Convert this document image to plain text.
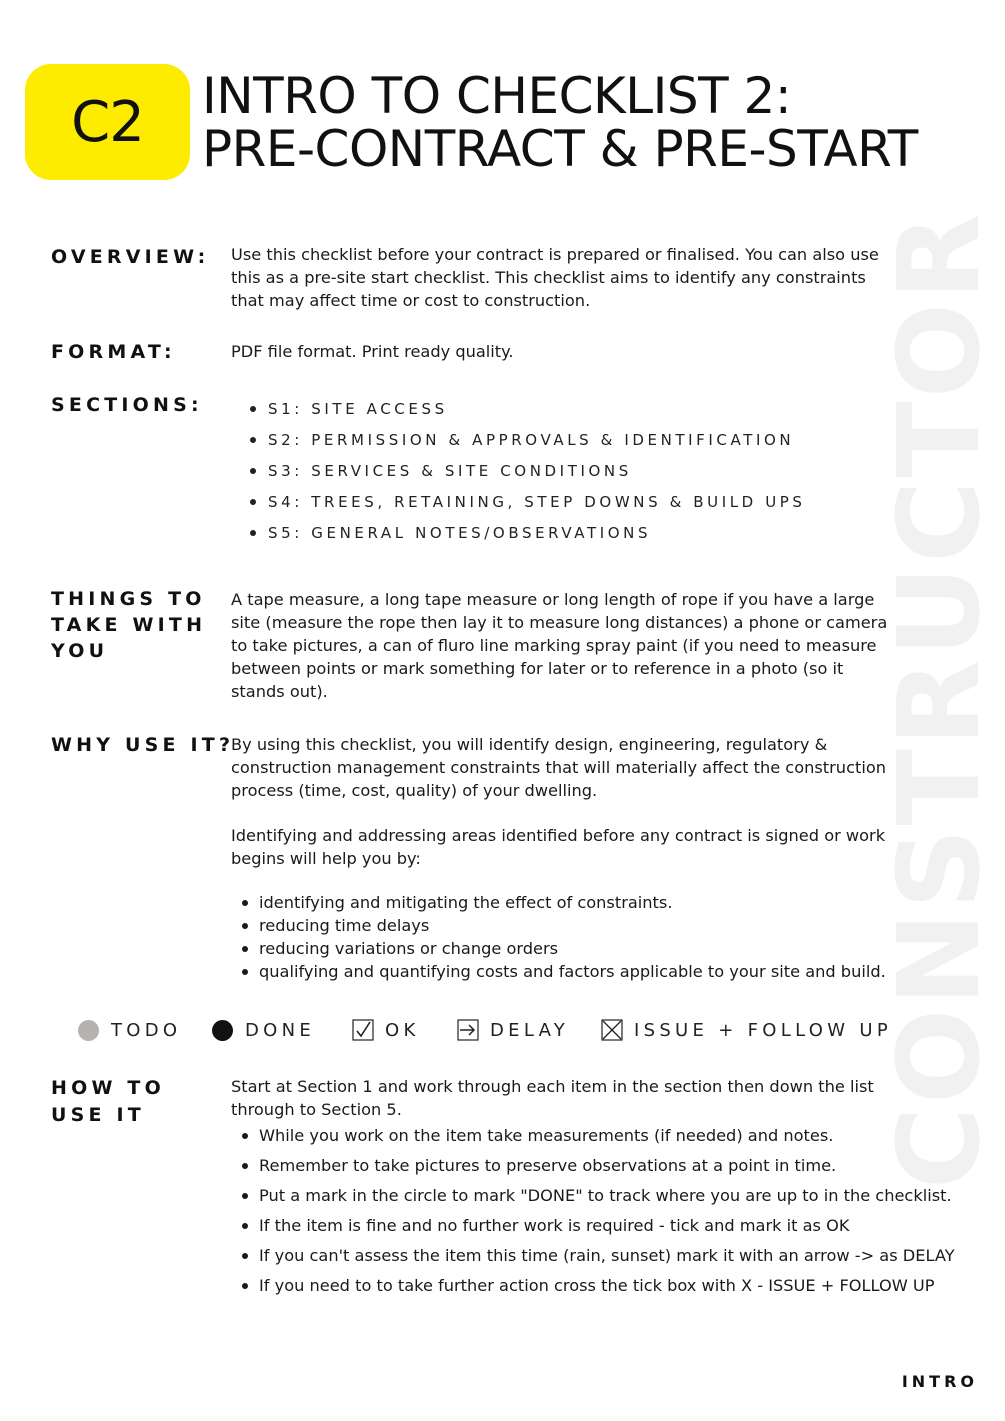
C2	INTRO TO CHECKLIST 2:
PRE-CONTRACT & PRE-START
CONSTRUCTOR
OVERVIEW: Use this checklist before your contract is prepared or finalised. You can also use this as a pre-site start checklist. This checklist aims to identify any constraints that may affect time or cost to construction.

FORMAT:	PDF file format. Print ready quality.

SECTIONS:	S1: SITE ACCESS
S2: PERMISSION & APPROVALS & IDENTIFICATION
S3: SERVICES & SITE CONDITIONS
S4: TREES, RETAINING, STEP DOWNS & BUILD UPS
S5: GENERAL NOTES/OBSERVATIONS
THINGS TO
TAKE WITH
YOU

A tape measure, a long tape measure or long length of rope if you have a large site (measure the rope then lay it to measure long distances) a phone or camera to take pictures, a can of fluro line marking spray paint (if you need to measure between points or mark something for later or to reference in a photo (so it stands out).

WHY USE IT?

By using this checklist, you will identify design, engineering, regulatory & construction management constraints that will materially affect the construction process (time, cost, quality) of your dwelling.

Identifying and addressing areas identified before any contract is signed or work begins will help you by:

identifying and mitigating the effect of constraints.
reducing time delays
reducing variations or change orders
qualifying and quantifying costs and factors applicable to your site and build.
TODO	DONE	OK	DELAY	ISSUE + FOLLOW UP
HOW TO
USE IT

Start at Section 1 and work through each item in the section then down the list through to Section 5.

While you work on the item take measurements (if needed) and notes.
Remember to take pictures to preserve observations at a point in time.
Put a mark in the circle to mark "DONE" to track where you are up to in the checklist.
If the item is fine and no further work is required - tick and mark it as OK
If you can't assess the item this time (rain, sunset) mark it with an arrow -> as DELAY
If you need to to take further action cross the tick box with X - ISSUE + FOLLOW UP

INTRO
